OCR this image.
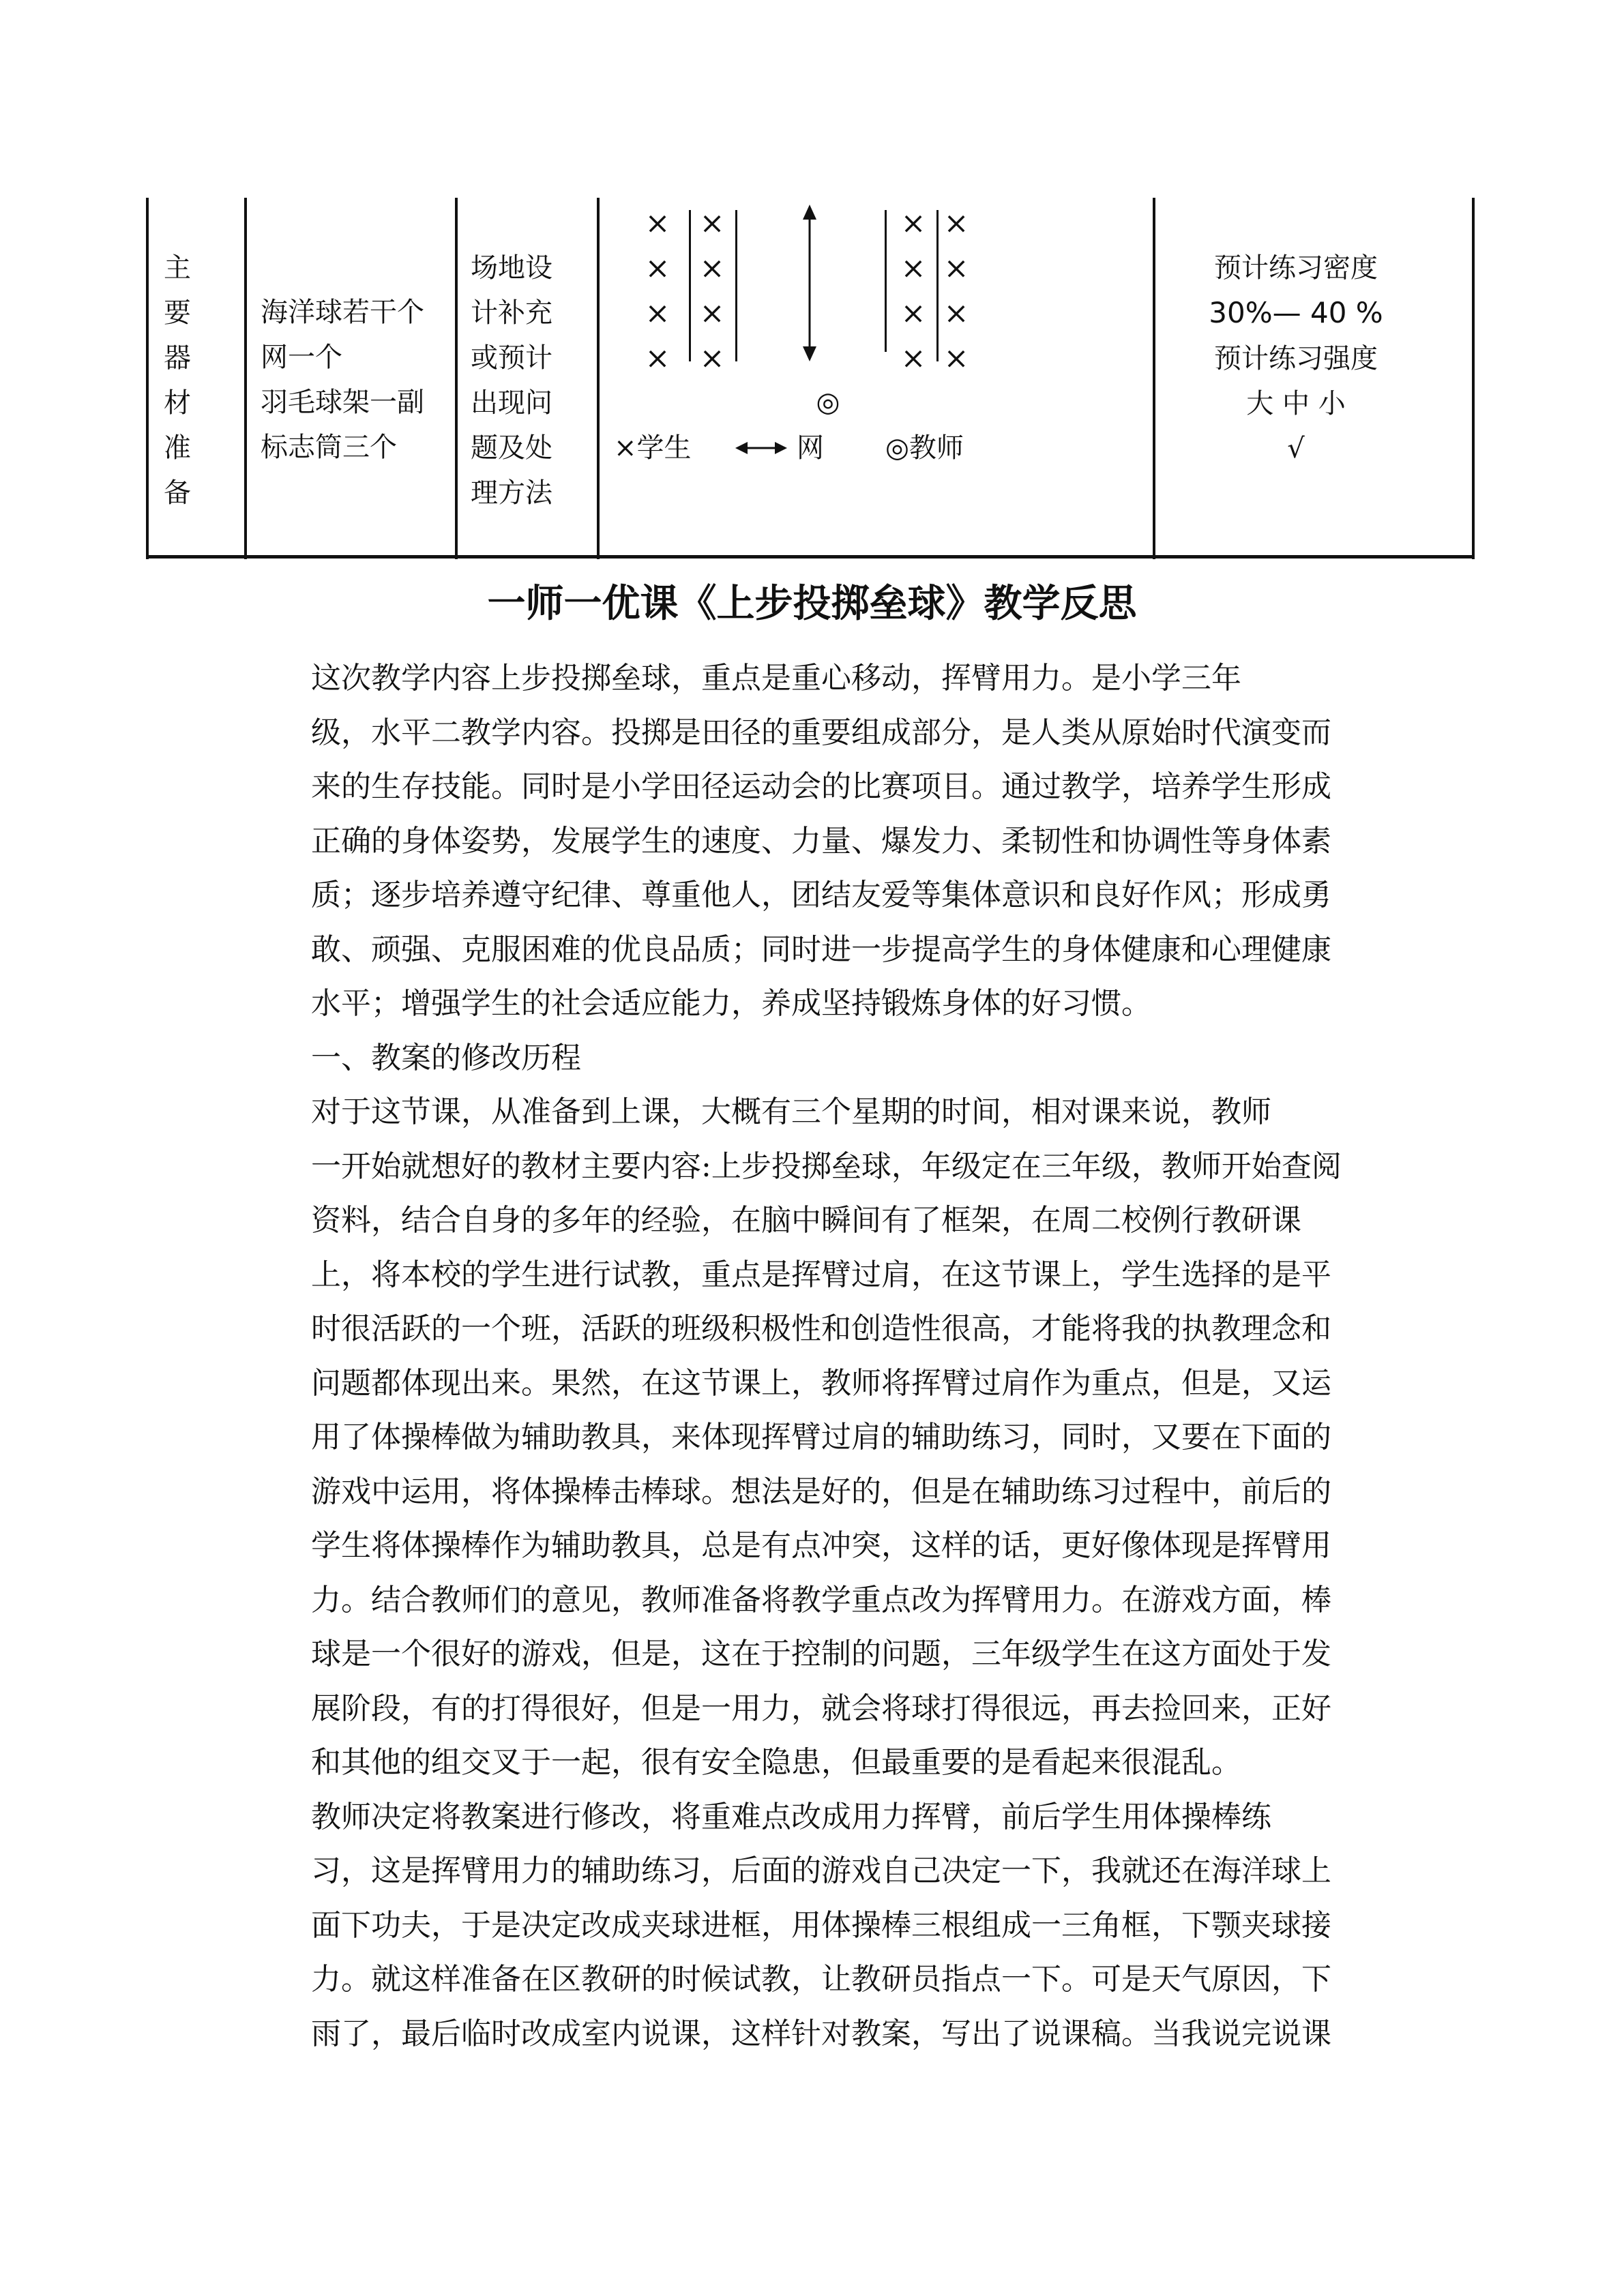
主要器材准备
海洋球若干个
网一个
羽毛球架一副
标志筒三个
场地设
计补充
或预计
出现问
题及处
理方法
×
×
×
×
×
×
×
×
×
×
×
×
×
×
×
×
◎
×学生	网 ◎教师
预计练习密度
30%— 40 %
预计练习强度
大 中 小
√
一师一优课《上步投掷垒球》教学反思

这次教学内容上步投掷垒球，重点是重心移动，挥臂用力。是小学三年
级，水平二教学内容。投掷是田径的重要组成部分，是人类从原始时代演变而
来的生存技能。同时是小学田径运动会的比赛项目。通过教学，培养学生形成
正确的身体姿势，发展学生的速度、力量、爆发力、柔韧性和协调性等身体素
质；逐步培养遵守纪律、尊重他人，团结友爱等集体意识和良好作风；形成勇
敢、顽强、克服困难的优良品质；同时进一步提高学生的身体健康和心理健康
水平；增强学生的社会适应能力，养成坚持锻炼身体的好习惯。

一、教案的修改历程

对于这节课，从准备到上课，大概有三个星期的时间，相对课来说，教师
一开始就想好的教材主要内容:上步投掷垒球，年级定在三年级，教师开始查阅
资料，结合自身的多年的经验，在脑中瞬间有了框架，在周二校例行教研课
上，将本校的学生进行试教，重点是挥臂过肩，在这节课上，学生选择的是平
时很活跃的一个班，活跃的班级积极性和创造性很高，才能将我的执教理念和
问题都体现出来。果然，在这节课上，教师将挥臂过肩作为重点，但是，又运
用了体操棒做为辅助教具，来体现挥臂过肩的辅助练习，同时，又要在下面的
游戏中运用，将体操棒击棒球。想法是好的，但是在辅助练习过程中，前后的
学生将体操棒作为辅助教具，总是有点冲突，这样的话，更好像体现是挥臂用
力。结合教师们的意见，教师准备将教学重点改为挥臂用力。在游戏方面，棒
球是一个很好的游戏，但是，这在于控制的问题，三年级学生在这方面处于发
展阶段，有的打得很好，但是一用力，就会将球打得很远，再去捡回来，正好
和其他的组交叉于一起，很有安全隐患，但最重要的是看起来很混乱。

教师决定将教案进行修改，将重难点改成用力挥臂，前后学生用体操棒练
习，这是挥臂用力的辅助练习，后面的游戏自己决定一下，我就还在海洋球上
面下功夫，于是决定改成夹球进框，用体操棒三根组成一三角框，下颚夹球接
力。就这样准备在区教研的时候试教，让教研员指点一下。可是天气原因，下
雨了，最后临时改成室内说课，这样针对教案，写出了说课稿。当我说完说课
